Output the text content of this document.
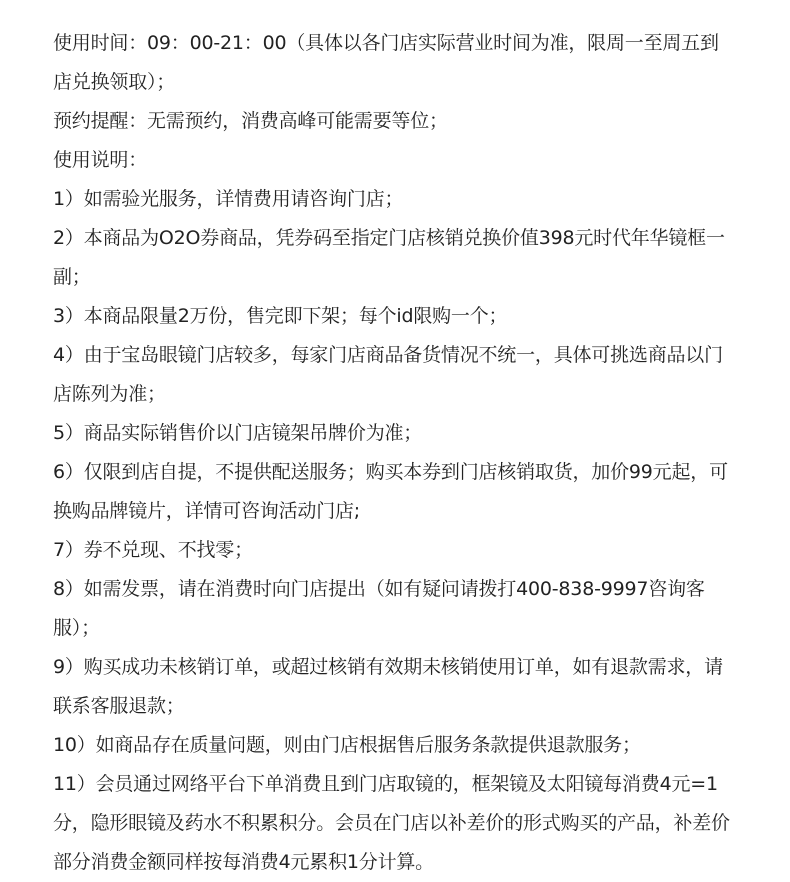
使用时间：09：00-21：00（具体以各门店实际营业时间为准，限周一至周五到店兑换领取）；

预约提醒：无需预约，消费高峰可能需要等位；

使用说明：

1）如需验光服务，详情费用请咨询门店；

2）本商品为O2O券商品，凭券码至指定门店核销兑换价值398元时代年华镜框一副；

3）本商品限量2万份，售完即下架；每个id限购一个；

4）由于宝岛眼镜门店较多，每家门店商品备货情况不统一，具体可挑选商品以门店陈列为准；

5）商品实际销售价以门店镜架吊牌价为准；

6）仅限到店自提，不提供配送服务；购买本券到门店核销取货，加价99元起，可换购品牌镜片，详情可咨询活动门店;

7）券不兑现、不找零；

8）如需发票，请在消费时向门店提出（如有疑问请拨打400-838-9997咨询客服）；

9）购买成功未核销订单，或超过核销有效期未核销使用订单，如有退款需求，请联系客服退款；

10）如商品存在质量问题，则由门店根据售后服务条款提供退款服务；

11）会员通过网络平台下单消费且到门店取镜的，框架镜及太阳镜每消费4元=1分，隐形眼镜及药水不积累积分。会员在门店以补差价的形式购买的产品，补差价部分消费金额同样按每消费4元累积1分计算。
